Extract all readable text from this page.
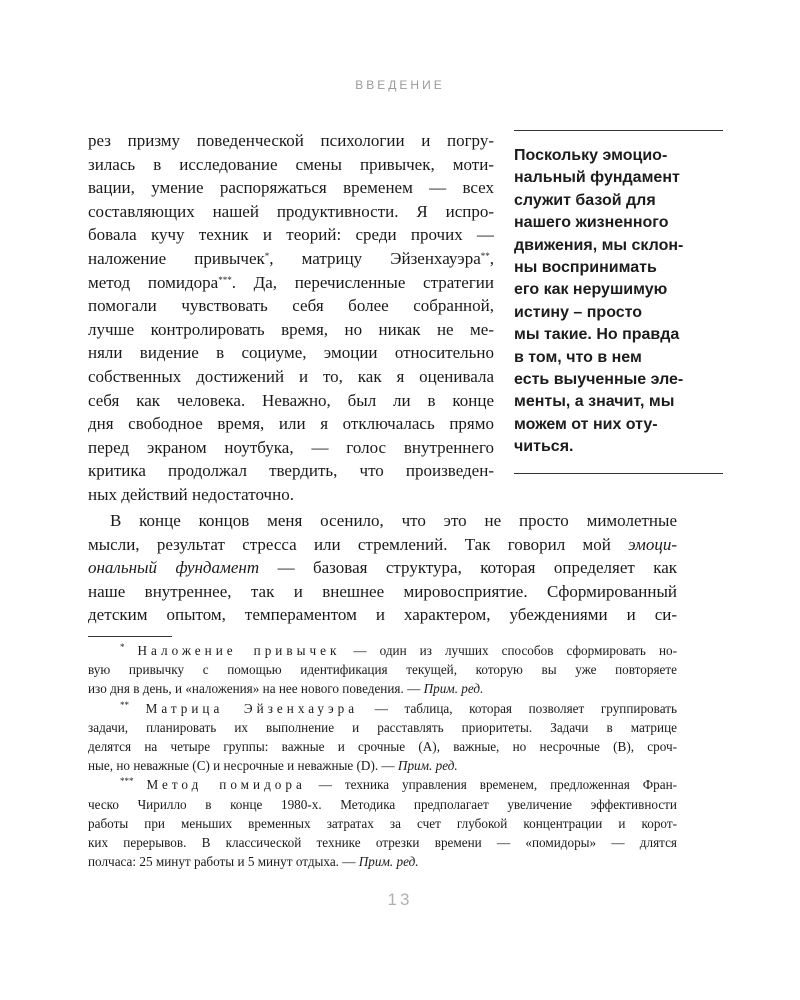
ВВЕДЕНИЕ
рез призму поведенческой психологии и погру-
зилась в исследование смены привычек, моти-
вации, умение распоряжаться временем — всех
составляющих нашей продуктивности. Я испро-
бовала кучу техник и теорий: среди прочих —
наложение привычек*, матрицу Эйзенхауэра**,
метод помидора***. Да, перечисленные стратегии
помогали чувствовать себя более собранной,
лучше контролировать время, но никак не ме-
няли видение в социуме, эмоции относительно
собственных достижений и то, как я оценивала
себя как человека. Неважно, был ли в конце
дня свободное время, или я отключалась прямо
перед экраном ноутбука, — голос внутреннего
критика продолжал твердить, что произведен-
ных действий недостаточно.
Поскольку эмоцио-
нальный фундамент
служит базой для
нашего жизненного
движения, мы склон-
ны воспринимать
его как нерушимую
истину – просто
мы такие. Но правда
в том, что в нем
есть выученные эле-
менты, а значит, мы
можем от них оту-
читься.
В конце концов меня осенило, что это не просто мимолетные
мысли, результат стресса или стремлений. Так говорил мой эмоци-
ональный фундамент — базовая структура, которая определяет как
наше внутреннее, так и внешнее мировосприятие. Сформированный
детским опытом, темпераментом и характером, убеждениями и си-
* Наложение привычек — один из лучших способов сформировать но-
вую привычку с помощью идентификация текущей, которую вы уже повторяете
изо дня в день, и «наложения» на нее нового поведения. — Прим. ред.
** Матрица Эйзенхауэра — таблица, которая позволяет группировать
задачи, планировать их выполнение и расставлять приоритеты. Задачи в матрице
делятся на четыре группы: важные и срочные (A), важные, но несрочные (B), сроч-
ные, но неважные (C) и несрочные и неважные (D). — Прим. ред.
*** Метод помидора — техника управления временем, предложенная Фран-
ческо Чирилло в конце 1980-х. Методика предполагает увеличение эффективности
работы при меньших временных затратах за счет глубокой концентрации и корот-
ких перерывов. В классической технике отрезки времени — «помидоры» — длятся
полчаса: 25 минут работы и 5 минут отдыха. — Прим. ред.
13
